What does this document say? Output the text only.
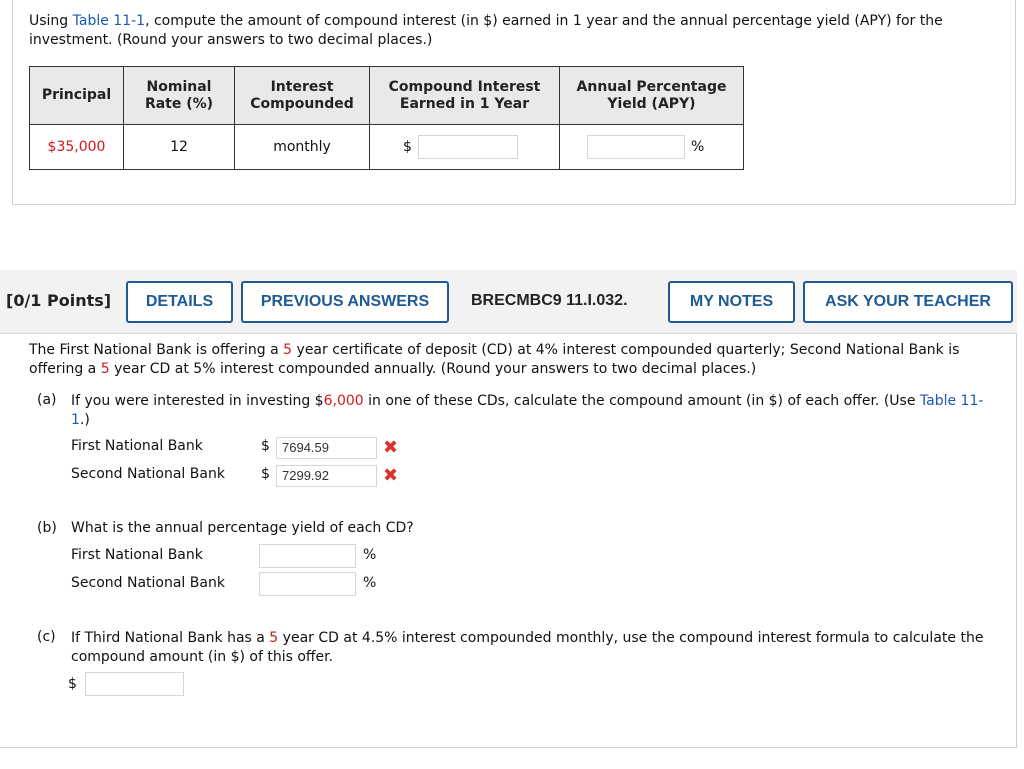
Using Table 11-1, compute the amount of compound interest (in $) earned in 1 year and the annual percentage yield (APY) for the investment. (Round your answers to two decimal places.)
Principal	Nominal Rate (%)	Interest Compounded	Compound Interest Earned in 1 Year	Annual Percentage Yield (APY)
$35,000	12	monthly	$	%
[0/1 Points]	DETAILS	PREVIOUS ANSWERS	BRECMBC9 11.I.032.	MY NOTES	ASK YOUR TEACHER
The First National Bank is offering a 5 year certificate of deposit (CD) at 4% interest compounded quarterly; Second National Bank is offering a 5 year CD at 5% interest compounded annually. (Round your answers to two decimal places.)
(a) If you were interested in investing $6,000 in one of these CDs, calculate the compound amount (in $) of each offer. (Use Table 11-1.)
First National Bank	$ 7694.59	✖
Second National Bank	$ 7299.92	✖
(b) What is the annual percentage yield of each CD?
First National Bank	%
Second National Bank	%
(c) If Third National Bank has a 5 year CD at 4.5% interest compounded monthly, use the compound interest formula to calculate the compound amount (in $) of this offer.
$
